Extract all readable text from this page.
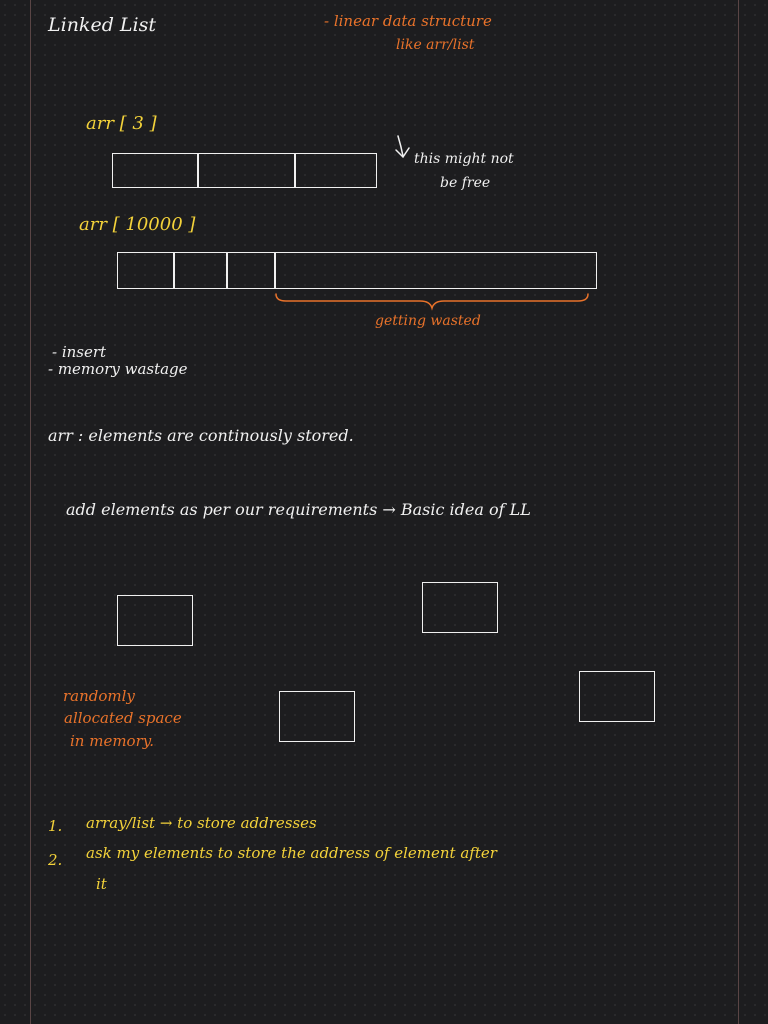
Linked List	- linear data structure
like arr/list
arr [ 3 ]
this might not
be free
arr [ 10000 ]
getting wasted
- insert
- memory wastage
arr : elements are continously stored.
add elements as per our requirements → Basic idea of LL
randomly
allocated space
in memory.
1. array/list → to store addresses
2. ask my elements to store the address of element after
it
